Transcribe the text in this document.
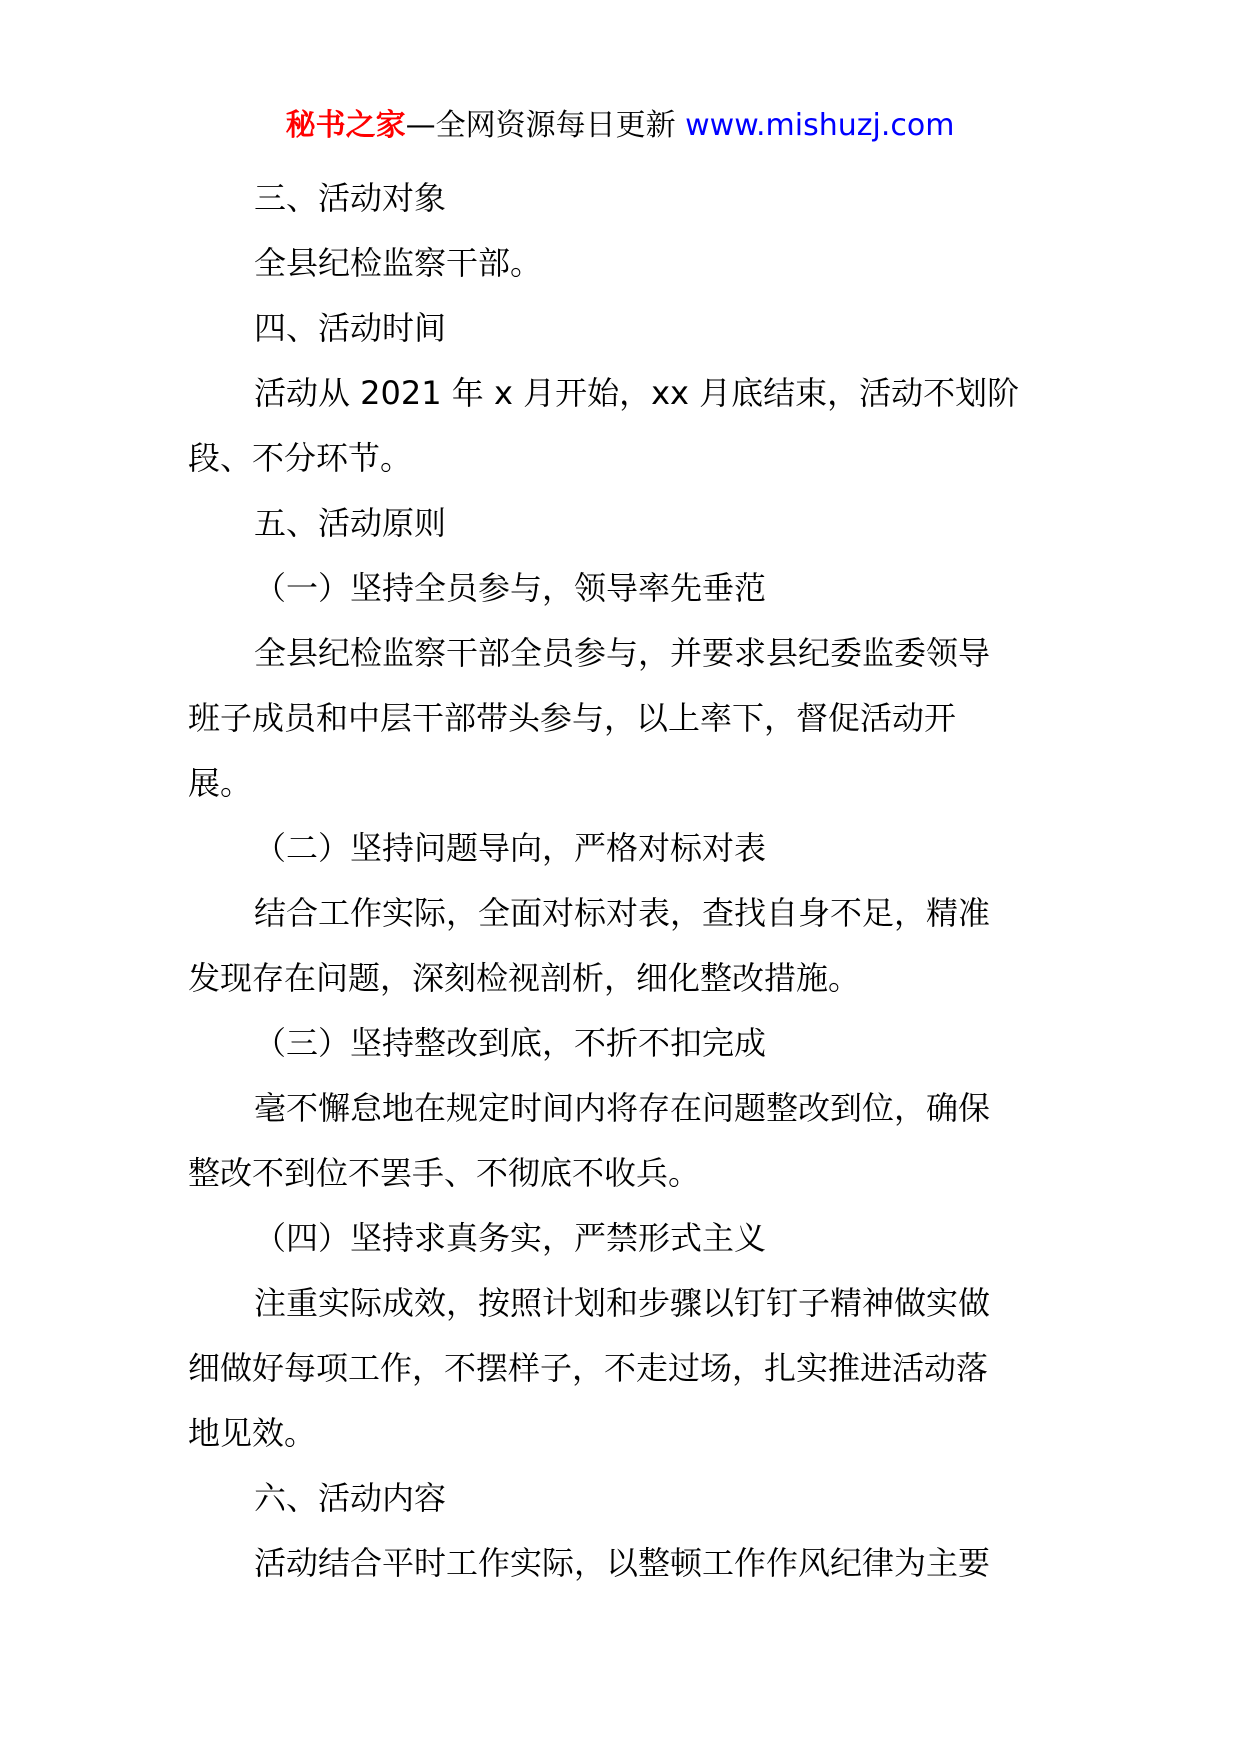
秘书之家—全网资源每日更新 www.mishuzj.com
三、活动对象
全县纪检监察干部。
四、活动时间
活动从 2021 年 x 月开始，xx 月底结束，活动不划阶
段、不分环节。
五、活动原则
（一）坚持全员参与，领导率先垂范
全县纪检监察干部全员参与，并要求县纪委监委领导
班子成员和中层干部带头参与，以上率下，督促活动开
展。
（二）坚持问题导向，严格对标对表
结合工作实际，全面对标对表，查找自身不足，精准
发现存在问题，深刻检视剖析，细化整改措施。
（三）坚持整改到底，不折不扣完成
毫不懈怠地在规定时间内将存在问题整改到位，确保
整改不到位不罢手、不彻底不收兵。
（四）坚持求真务实，严禁形式主义
注重实际成效，按照计划和步骤以钉钉子精神做实做
细做好每项工作，不摆样子，不走过场，扎实推进活动落
地见效。
六、活动内容
活动结合平时工作实际，以整顿工作作风纪律为主要
